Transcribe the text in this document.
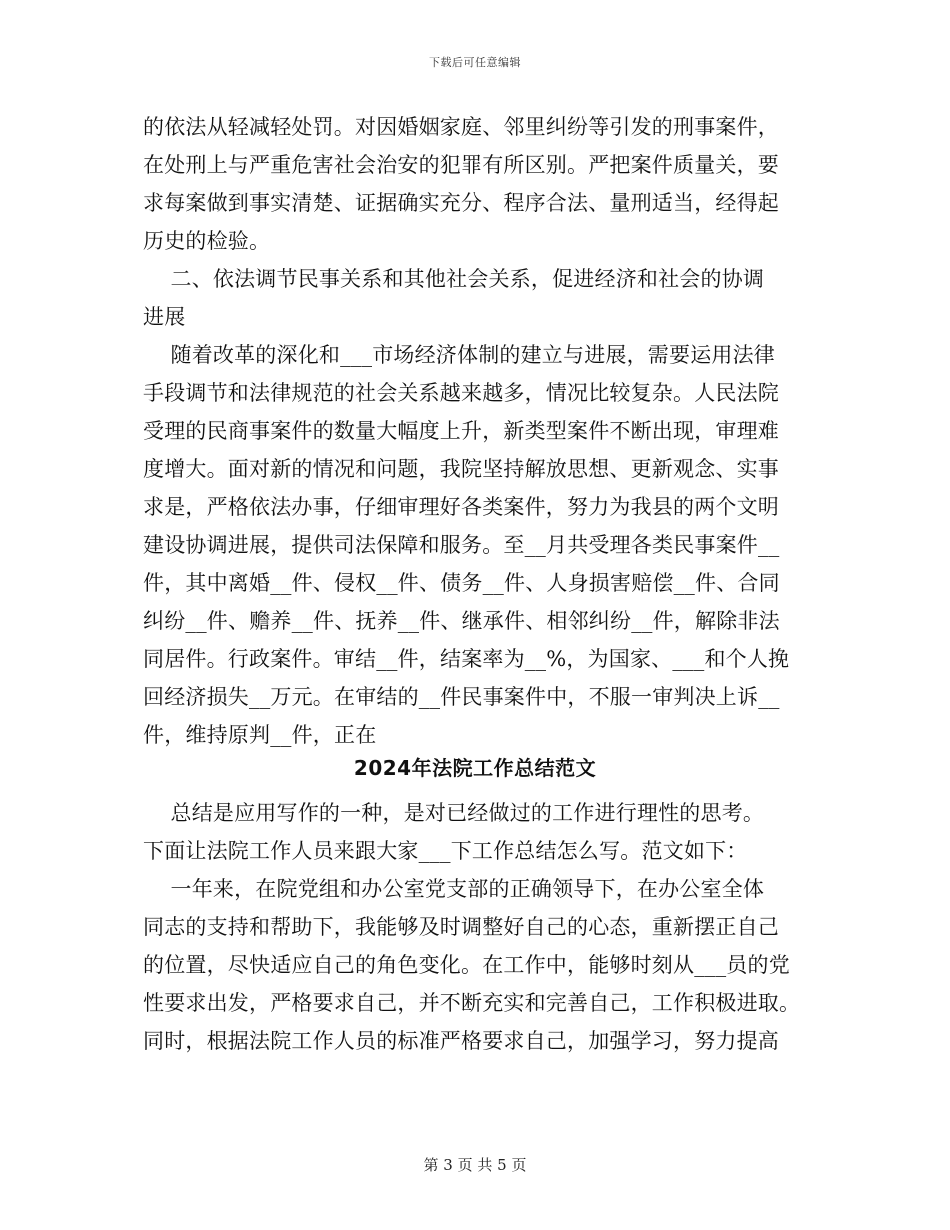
下载后可任意编辑
的依法从轻减轻处罚。对因婚姻家庭、邻里纠纷等引发的刑事案件，
在处刑上与严重危害社会治安的犯罪有所区别。严把案件质量关，要
求每案做到事实清楚、证据确实充分、程序合法、量刑适当，经得起
历史的检验。
二、依法调节民事关系和其他社会关系，促进经济和社会的协调
进展
随着改革的深化和___市场经济体制的建立与进展，需要运用法律
手段调节和法律规范的社会关系越来越多，情况比较复杂。人民法院
受理的民商事案件的数量大幅度上升，新类型案件不断出现，审理难
度增大。面对新的情况和问题，我院坚持解放思想、更新观念、实事
求是，严格依法办事，仔细审理好各类案件，努力为我县的两个文明
建设协调进展，提供司法保障和服务。至__月共受理各类民事案件__
件，其中离婚__件、侵权__件、债务__件、人身损害赔偿__件、合同
纠纷__件、赡养__件、抚养__件、继承件、相邻纠纷__件，解除非法
同居件。行政案件。审结__件，结案率为__%，为国家、___和个人挽
回经济损失__万元。在审结的__件民事案件中，不服一审判决上诉__
件，维持原判__件，正在
2024年法院工作总结范文
总结是应用写作的一种，是对已经做过的工作进行理性的思考。
下面让法院工作人员来跟大家___下工作总结怎么写。范文如下：
一年来，在院党组和办公室党支部的正确领导下，在办公室全体
同志的支持和帮助下，我能够及时调整好自己的心态，重新摆正自己
的位置，尽快适应自己的角色变化。在工作中，能够时刻从___员的党
性要求出发，严格要求自己，并不断充实和完善自己，工作积极进取。
同时，根据法院工作人员的标准严格要求自己，加强学习，努力提高
第 3 页 共 5 页
